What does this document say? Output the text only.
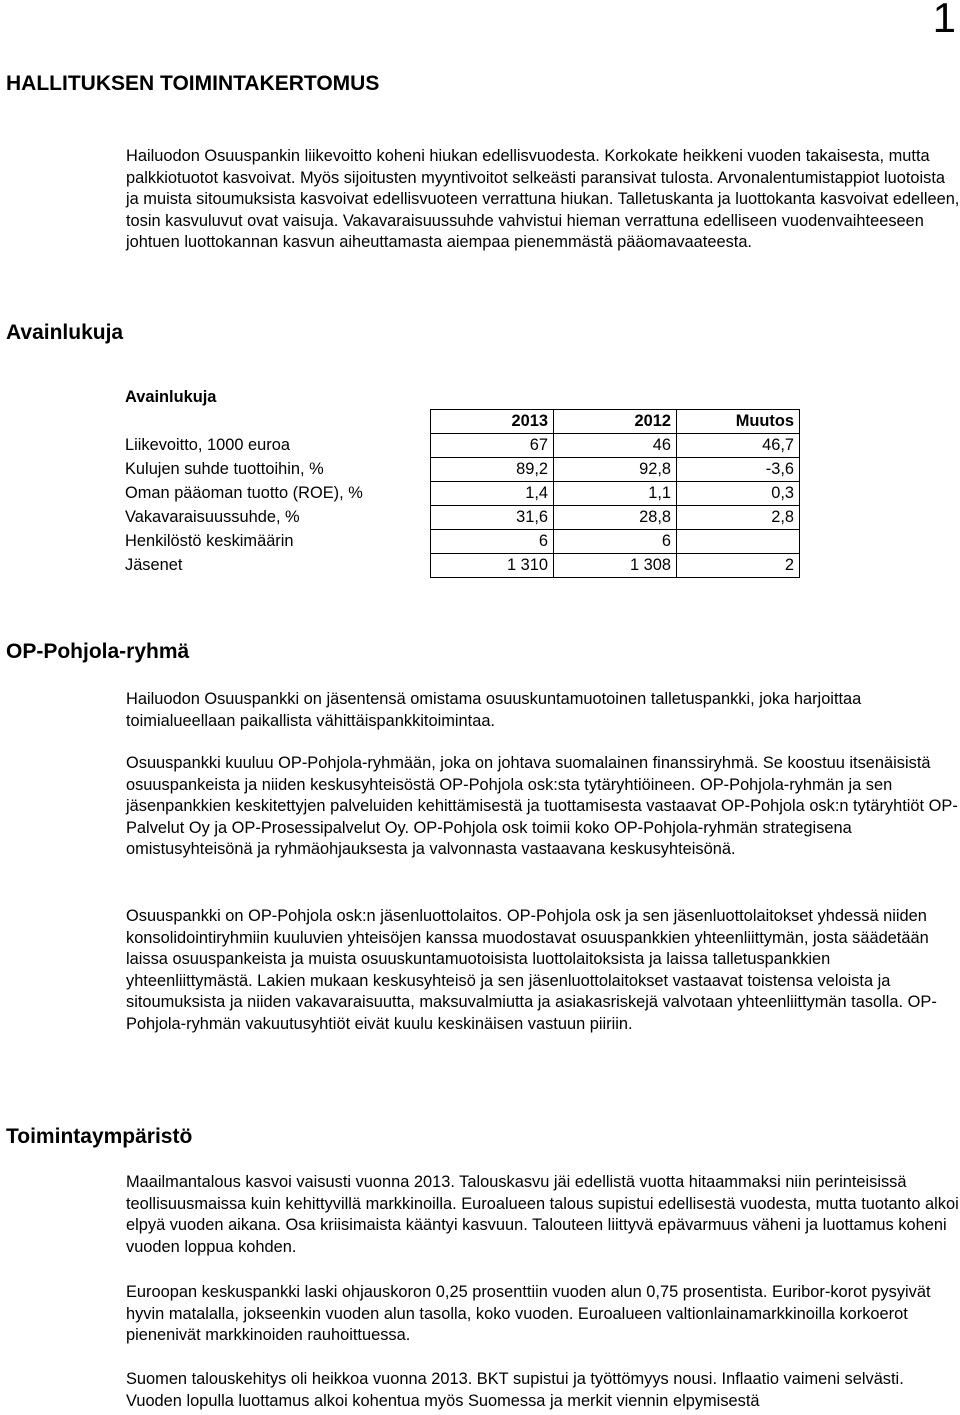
1
HALLITUKSEN TOIMINTAKERTOMUS

Hailuodon Osuuspankin liikevoitto koheni hiukan edellisvuodesta. Korkokate heikkeni vuoden takaisesta, mutta palkkiotuotot kasvoivat. Myös sijoitusten myyntivoitot selkeästi paransivat tulosta. Arvonalentumistappiot luotoista ja muista sitoumuksista kasvoivat edellisvuoteen verrattuna hiukan. Talletuskanta ja luottokanta kasvoivat edelleen, tosin kasvuluvut ovat vaisuja. Vakavaraisuussuhde vahvistui hieman verrattuna edelliseen vuodenvaihteeseen johtuen luottokannan kasvun aiheuttamasta aiempaa pienemmästä pääomavaateesta.

Avainlukuja
Avainlukuja			
	2013	2012	Muutos
Liikevoitto, 1000 euroa	67	46	46,7
Kulujen suhde tuottoihin, %	89,2	92,8	-3,6
Oman pääoman tuotto (ROE), %	1,4	1,1	0,3
Vakavaraisuussuhde, %	31,6	28,8	2,8
Henkilöstö keskimäärin	6	6	
Jäsenet	1 310	1 308	2
OP-Pohjola-ryhmä

Hailuodon Osuuspankki on jäsentensä omistama osuuskuntamuotoinen talletuspankki, joka harjoittaa toimialueellaan paikallista vähittäispankkitoimintaa.

Osuuspankki kuuluu OP-Pohjola-ryhmään, joka on johtava suomalainen finanssiryhmä. Se koostuu itsenäisistä osuuspankeista ja niiden keskusyhteisöstä OP-Pohjola osk:sta tytäryhtiöineen. OP-Pohjola-ryhmän ja sen jäsenpankkien keskitettyjen palveluiden kehittämisestä ja tuottamisesta vastaavat OP-Pohjola osk:n tytäryhtiöt OP-Palvelut Oy ja OP-Prosessipalvelut Oy. OP-Pohjola osk toimii koko OP-Pohjola-ryhmän strategisena omistusyhteisönä ja ryhmäohjauksesta ja valvonnasta vastaavana keskusyhteisönä.

Osuuspankki on OP-Pohjola osk:n jäsenluottolaitos. OP-Pohjola osk ja sen jäsenluottolaitokset yhdessä niiden konsolidointiryhmiin kuuluvien yhteisöjen kanssa muodostavat osuuspankkien yhteenliittymän, josta säädetään laissa osuuspankeista ja muista osuuskuntamuotoisista luottolaitoksista ja laissa talletuspankkien yhteenliittymästä. Lakien mukaan keskusyhteisö ja sen jäsenluottolaitokset vastaavat toistensa veloista ja sitoumuksista ja niiden vakavaraisuutta, maksuvalmiutta ja asiakasriskejä valvotaan yhteenliittymän tasolla. OP-Pohjola-ryhmän vakuutusyhtiöt eivät kuulu keskinäisen vastuun piiriin.

Toimintaympäristö

Maailmantalous kasvoi vaisusti vuonna 2013. Talouskasvu jäi edellistä vuotta hitaammaksi niin perinteisissä teollisuusmaissa kuin kehittyvillä markkinoilla. Euroalueen talous supistui edellisestä vuodesta, mutta tuotanto alkoi elpyä vuoden aikana. Osa kriisimaista kääntyi kasvuun. Talouteen liittyvä epävarmuus väheni ja luottamus koheni vuoden loppua kohden.

Euroopan keskuspankki laski ohjauskoron 0,25 prosenttiin vuoden alun 0,75 prosentista. Euribor-korot pysyivät hyvin matalalla, jokseenkin vuoden alun tasolla, koko vuoden. Euroalueen valtionlainamarkkinoilla korkoerot pienenivät markkinoiden rauhoittuessa.

Suomen talouskehitys oli heikkoa vuonna 2013. BKT supistui ja työttömyys nousi. Inflaatio vaimeni selvästi. Vuoden lopulla luottamus alkoi kohentua myös Suomessa ja merkit viennin elpymisestä
